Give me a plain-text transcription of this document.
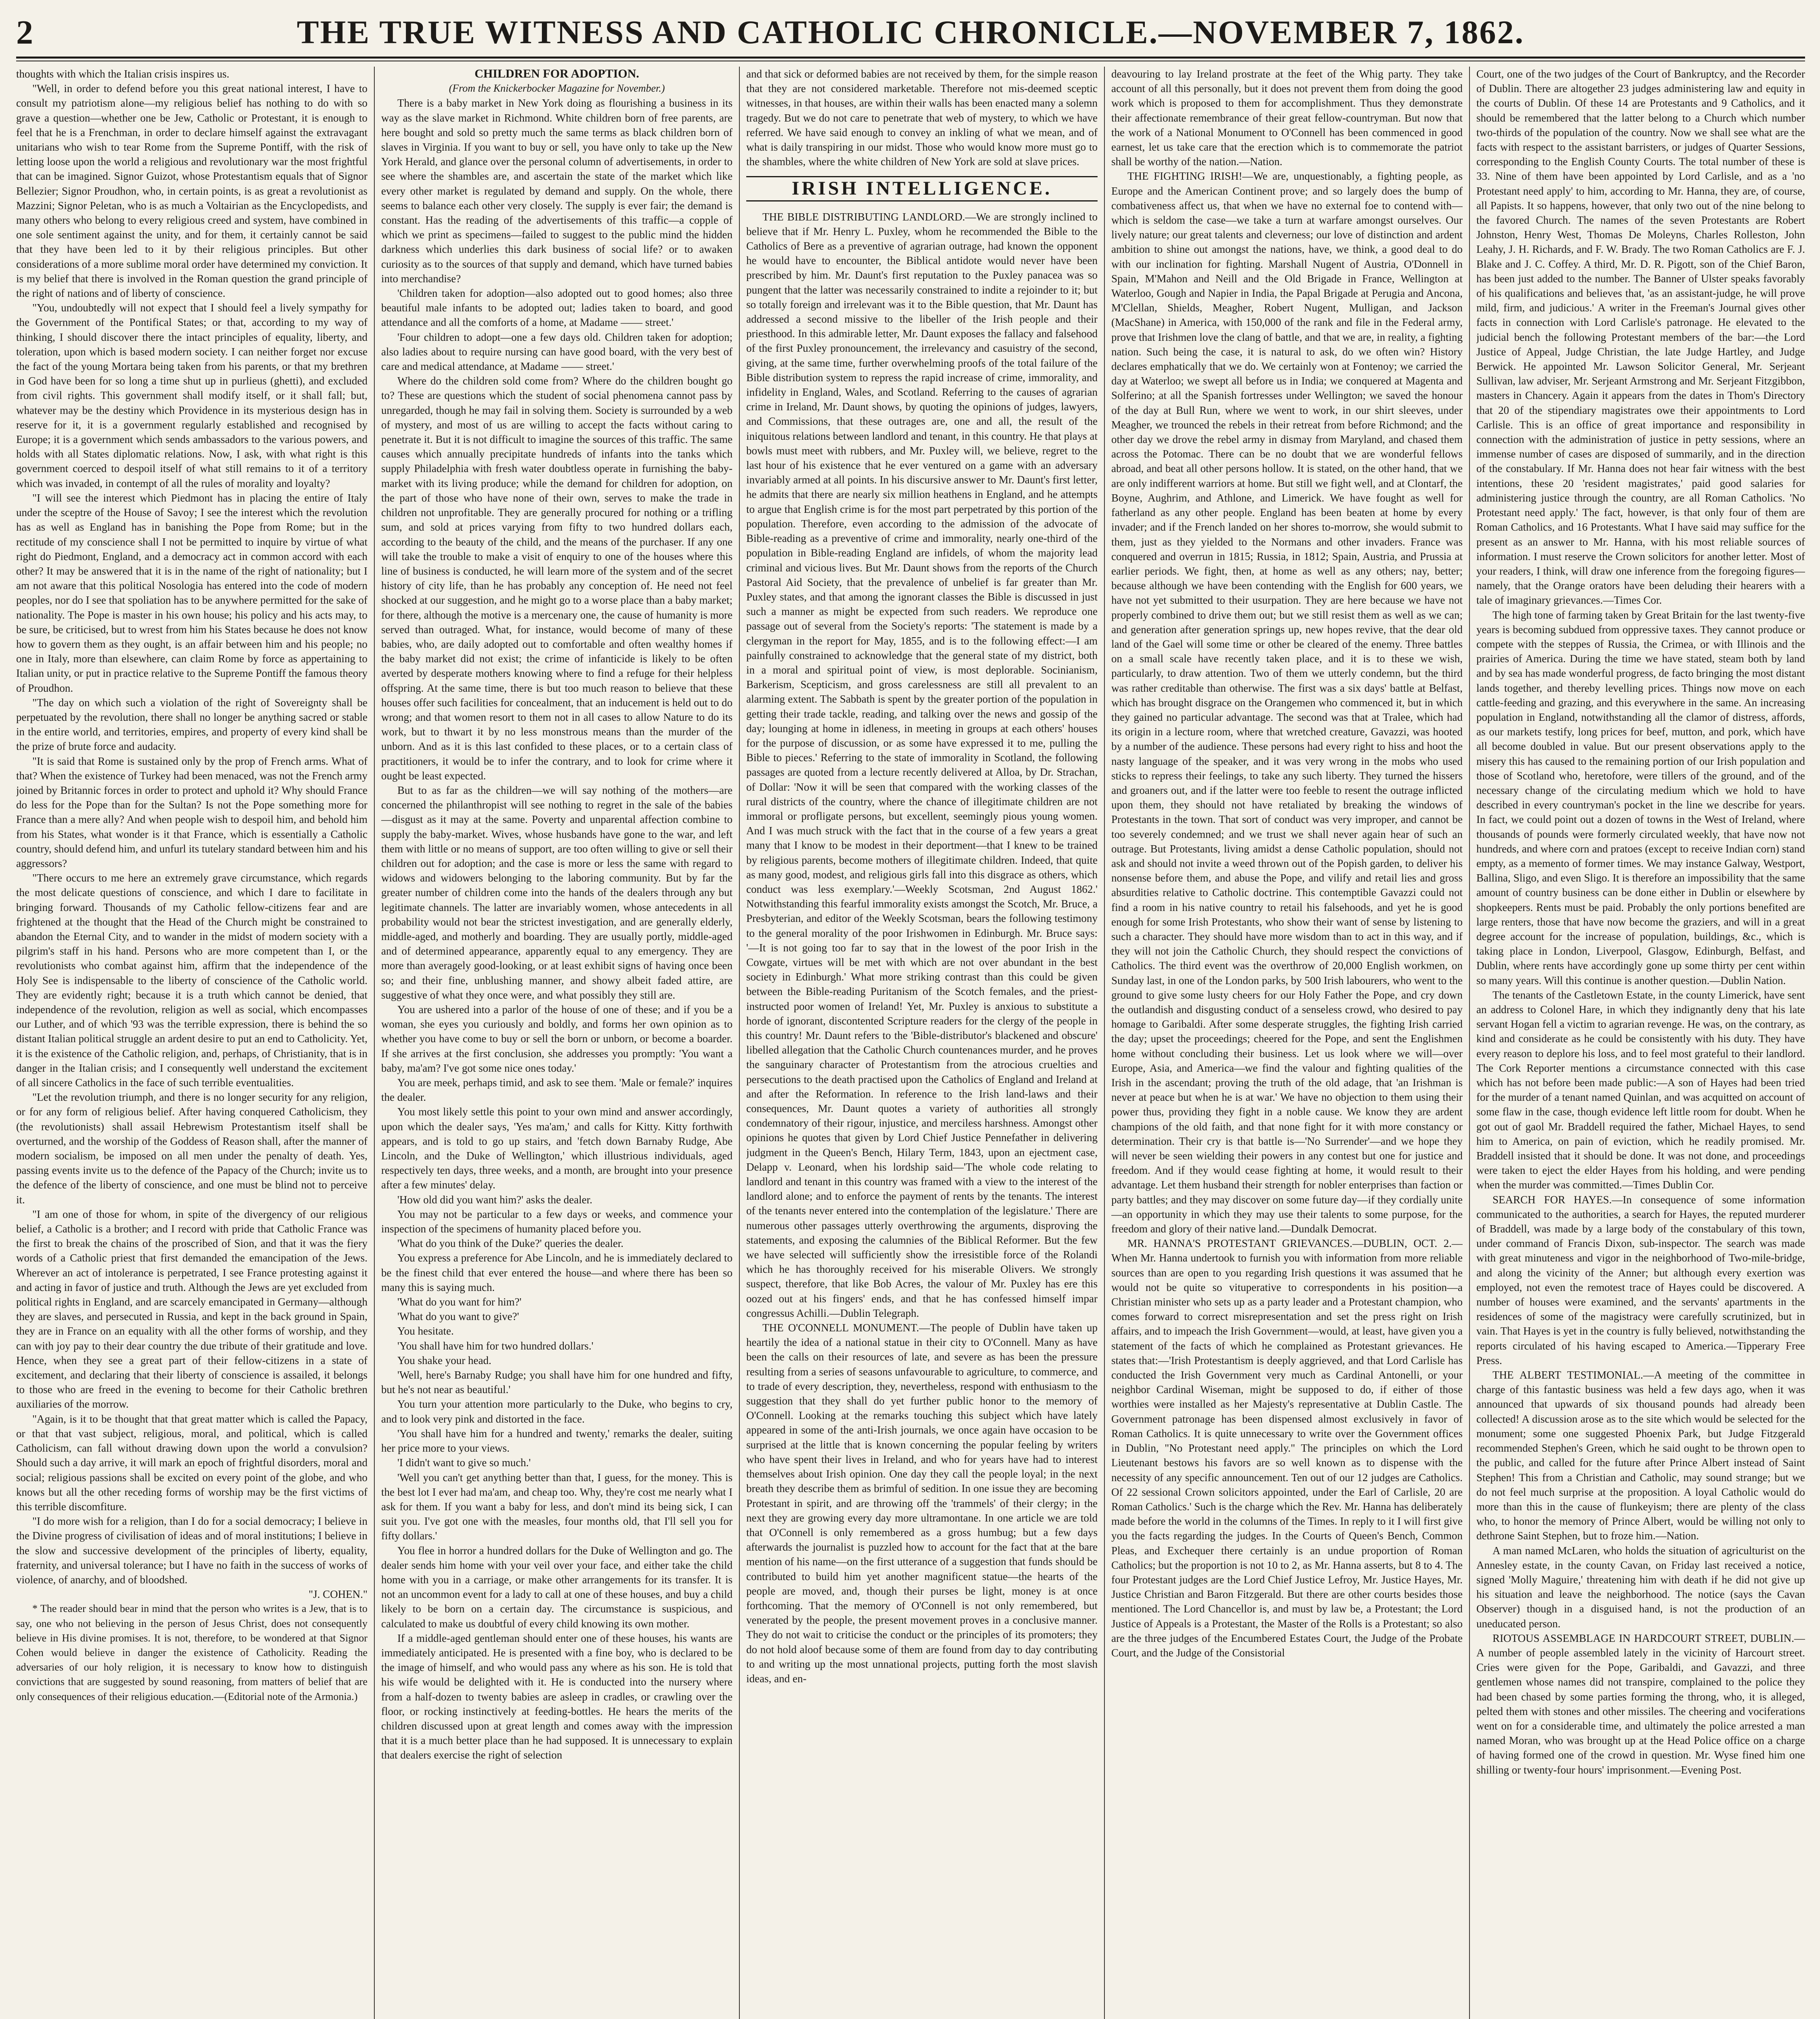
2	THE TRUE WITNESS AND CATHOLIC CHRONICLE.—NOVEMBER 7, 1862.

thoughts with which the Italian crisis inspires us.

"Well, in order to defend before you this great national interest, I have to consult my patriotism alone—my religious belief has nothing to do with so grave a question—whether one be Jew, Catholic or Protestant, it is enough to feel that he is a Frenchman, in order to declare himself against the extravagant unitarians who wish to tear Rome from the Supreme Pontiff, with the risk of letting loose upon the world a religious and revolutionary war the most frightful that can be imagined. Signor Guizot, whose Protestantism equals that of Signor Bellezier; Signor Proudhon, who, in certain points, is as great a revolutionist as Mazzini; Signor Peletan, who is as much a Voltairian as the Encyclopedists, and many others who belong to every religious creed and system, have combined in one sole sentiment against the unity, and for them, it certainly cannot be said that they have been led to it by their religious principles. But other considerations of a more sublime moral order have determined my conviction. It is my belief that there is involved in the Roman question the grand principle of the right of nations and of liberty of conscience.

"You, undoubtedly will not expect that I should feel a lively sympathy for the Government of the Pontifical States; or that, according to my way of thinking, I should discover there the intact principles of equality, liberty, and toleration, upon which is based modern society. I can neither forget nor excuse the fact of the young Mortara being taken from his parents, or that my brethren in God have been for so long a time shut up in purlieus (ghetti), and excluded from civil rights. This government shall modify itself, or it shall fall; but, whatever may be the destiny which Providence in its mysterious design has in reserve for it, it is a government regularly established and recognised by Europe; it is a government which sends ambassadors to the various powers, and holds with all States diplomatic relations. Now, I ask, with what right is this government coerced to despoil itself of what still remains to it of a territory which was invaded, in contempt of all the rules of morality and loyalty?

"I will see the interest which Piedmont has in placing the entire of Italy under the sceptre of the House of Savoy; I see the interest which the revolution has as well as England has in banishing the Pope from Rome; but in the rectitude of my conscience shall I not be permitted to inquire by virtue of what right do Piedmont, England, and a democracy act in common accord with each other? It may be answered that it is in the name of the right of nationality; but I am not aware that this political Nosologia has entered into the code of modern peoples, nor do I see that spoliation has to be anywhere permitted for the sake of nationality. The Pope is master in his own house; his policy and his acts may, to be sure, be criticised, but to wrest from him his States because he does not know how to govern them as they ought, is an affair between him and his people; no one in Italy, more than elsewhere, can claim Rome by force as appertaining to Italian unity, or put in practice relative to the Supreme Pontiff the famous theory of Proudhon.

"The day on which such a violation of the right of Sovereignty shall be perpetuated by the revolution, there shall no longer be anything sacred or stable in the entire world, and territories, empires, and property of every kind shall be the prize of brute force and audacity.

"It is said that Rome is sustained only by the prop of French arms. What of that? When the existence of Turkey had been menaced, was not the French army joined by Britannic forces in order to protect and uphold it? Why should France do less for the Pope than for the Sultan? Is not the Pope something more for France than a mere ally? And when people wish to despoil him, and behold him from his States, what wonder is it that France, which is essentially a Catholic country, should defend him, and unfurl its tutelary standard between him and his aggressors?

"There occurs to me here an extremely grave circumstance, which regards the most delicate questions of conscience, and which I dare to facilitate in bringing forward. Thousands of my Catholic fellow-citizens fear and are frightened at the thought that the Head of the Church might be constrained to abandon the Eternal City, and to wander in the midst of modern society with a pilgrim's staff in his hand. Persons who are more competent than I, or the revolutionists who combat against him, affirm that the independence of the Holy See is indispensable to the liberty of conscience of the Catholic world. They are evidently right; because it is a truth which cannot be denied, that independence of the revolution, religion as well as social, which encompasses our Luther, and of which '93 was the terrible expression, there is behind the so distant Italian political struggle an ardent desire to put an end to Catholicity. Yet, it is the existence of the Catholic religion, and, perhaps, of Christianity, that is in danger in the Italian crisis; and I consequently well understand the excitement of all sincere Catholics in the face of such terrible eventualities.

"Let the revolution triumph, and there is no longer security for any religion, or for any form of religious belief. After having conquered Catholicism, they (the revolutionists) shall assail Hebrewism Protestantism itself shall be overturned, and the worship of the Goddess of Reason shall, after the manner of modern socialism, be imposed on all men under the penalty of death. Yes, passing events invite us to the defence of the Papacy of the Church; invite us to the defence of the liberty of conscience, and one must be blind not to perceive it.

"I am one of those for whom, in spite of the divergency of our religious belief, a Catholic is a brother; and I record with pride that Catholic France was the first to break the chains of the proscribed of Sion, and that it was the fiery words of a Catholic priest that first demanded the emancipation of the Jews. Wherever an act of intolerance is perpetrated, I see France protesting against it and acting in favor of justice and truth. Although the Jews are yet excluded from political rights in England, and are scarcely emancipated in Germany—although they are slaves, and persecuted in Russia, and kept in the back ground in Spain, they are in France on an equality with all the other forms of worship, and they can with joy pay to their dear country the due tribute of their gratitude and love. Hence, when they see a great part of their fellow-citizens in a state of excitement, and declaring that their liberty of conscience is assailed, it belongs to those who are freed in the evening to become for their Catholic brethren auxiliaries of the morrow.

"Again, is it to be thought that that great matter which is called the Papacy, or that that vast subject, religious, moral, and political, which is called Catholicism, can fall without drawing down upon the world a convulsion? Should such a day arrive, it will mark an epoch of frightful disorders, moral and social; religious passions shall be excited on every point of the globe, and who knows but all the other receding forms of worship may be the first victims of this terrible discomfiture.

"I do more wish for a religion, than I do for a social democracy; I believe in the Divine progress of civilisation of ideas and of moral institutions; I believe in the slow and successive development of the principles of liberty, equality, fraternity, and universal tolerance; but I have no faith in the success of works of violence, of anarchy, and of bloodshed.

"J. COHEN."

* The reader should bear in mind that the person who writes is a Jew, that is to say, one who not believing in the person of Jesus Christ, does not consequently believe in His divine promises. It is not, therefore, to be wondered at that Signor Cohen would believe in danger the existence of Catholicity. Reading the adversaries of our holy religion, it is necessary to know how to distinguish convictions that are suggested by sound reasoning, from matters of belief that are only consequences of their religious education.—(Editorial note of the Armonia.)

CHILDREN FOR ADOPTION.

(From the Knickerbocker Magazine for November.)

There is a baby market in New York doing as flourishing a business in its way as the slave market in Richmond. White children born of free parents, are here bought and sold so pretty much the same terms as black children born of slaves in Virginia. If you want to buy or sell, you have only to take up the New York Herald, and glance over the personal column of advertisements, in order to see where the shambles are, and ascertain the state of the market which like every other market is regulated by demand and supply. On the whole, there seems to balance each other very closely. The supply is ever fair; the demand is constant. Has the reading of the advertisements of this traffic—a copple of which we print as specimens—failed to suggest to the public mind the hidden darkness which underlies this dark business of social life? or to awaken curiosity as to the sources of that supply and demand, which have turned babies into merchandise?

'Children taken for adoption—also adopted out to good homes; also three beautiful male infants to be adopted out; ladies taken to board, and good attendance and all the comforts of a home, at Madame —— street.'

'Four children to adopt—one a few days old. Children taken for adoption; also ladies about to require nursing can have good board, with the very best of care and medical attendance, at Madame —— street.'

Where do the children sold come from? Where do the children bought go to? These are questions which the student of social phenomena cannot pass by unregarded, though he may fail in solving them. Society is surrounded by a web of mystery, and most of us are willing to accept the facts without caring to penetrate it. But it is not difficult to imagine the sources of this traffic. The same causes which annually precipitate hundreds of infants into the tanks which supply Philadelphia with fresh water doubtless operate in furnishing the baby-market with its living produce; while the demand for children for adoption, on the part of those who have none of their own, serves to make the trade in children not unprofitable. They are generally procured for nothing or a trifling sum, and sold at prices varying from fifty to two hundred dollars each, according to the beauty of the child, and the means of the purchaser. If any one will take the trouble to make a visit of enquiry to one of the houses where this line of business is conducted, he will learn more of the system and of the secret history of city life, than he has probably any conception of. He need not feel shocked at our suggestion, and he might go to a worse place than a baby market; for there, although the motive is a mercenary one, the cause of humanity is more served than outraged. What, for instance, would become of many of these babies, who, are daily adopted out to comfortable and often wealthy homes if the baby market did not exist; the crime of infanticide is likely to be often averted by desperate mothers knowing where to find a refuge for their helpless offspring. At the same time, there is but too much reason to believe that these houses offer such facilities for concealment, that an inducement is held out to do wrong; and that women resort to them not in all cases to allow Nature to do its work, but to thwart it by no less monstrous means than the murder of the unborn. And as it is this last confided to these places, or to a certain class of practitioners, it would be to infer the contrary, and to look for crime where it ought be least expected.

But to as far as the children—we will say nothing of the mothers—are concerned the philanthropist will see nothing to regret in the sale of the babies—disgust as it may at the same. Poverty and unparental affection combine to supply the baby-market. Wives, whose husbands have gone to the war, and left them with little or no means of support, are too often willing to give or sell their children out for adoption; and the case is more or less the same with regard to widows and widowers belonging to the laboring community. But by far the greater number of children come into the hands of the dealers through any but legitimate channels. The latter are invariably women, whose antecedents in all probability would not bear the strictest investigation, and are generally elderly, middle-aged, and motherly and boarding. They are usually portly, middle-aged and of determined appearance, apparently equal to any emergency. They are more than averagely good-looking, or at least exhibit signs of having once been so; and their fine, unblushing manner, and showy albeit faded attire, are suggestive of what they once were, and what possibly they still are.

You are ushered into a parlor of the house of one of these; and if you be a woman, she eyes you curiously and boldly, and forms her own opinion as to whether you have come to buy or sell the born or unborn, or become a boarder. If she arrives at the first conclusion, she addresses you promptly: 'You want a baby, ma'am? I've got some nice ones today.'

You are meek, perhaps timid, and ask to see them. 'Male or female?' inquires the dealer.

You most likely settle this point to your own mind and answer accordingly, upon which the dealer says, 'Yes ma'am,' and calls for Kitty. Kitty forthwith appears, and is told to go up stairs, and 'fetch down Barnaby Rudge, Abe Lincoln, and the Duke of Wellington,' which illustrious individuals, aged respectively ten days, three weeks, and a month, are brought into your presence after a few minutes' delay.

'How old did you want him?' asks the dealer.

You may not be particular to a few days or weeks, and commence your inspection of the specimens of humanity placed before you.

'What do you think of the Duke?' queries the dealer.

You express a preference for Abe Lincoln, and he is immediately declared to be the finest child that ever entered the house—and where there has been so many this is saying much.

'What do you want for him?'

'What do you want to give?'

You hesitate.

'You shall have him for two hundred dollars.'

You shake your head.

'Well, here's Barnaby Rudge; you shall have him for one hundred and fifty, but he's not near as beautiful.'

You turn your attention more particularly to the Duke, who begins to cry, and to look very pink and distorted in the face.

'You shall have him for a hundred and twenty,' remarks the dealer, suiting her price more to your views.

'I didn't want to give so much.'

'Well you can't get anything better than that, I guess, for the money. This is the best lot I ever had ma'am, and cheap too. Why, they're cost me nearly what I ask for them. If you want a baby for less, and don't mind its being sick, I can suit you. I've got one with the measles, four months old, that I'll sell you for fifty dollars.'

You flee in horror a hundred dollars for the Duke of Wellington and go. The dealer sends him home with your veil over your face, and either take the child home with you in a carriage, or make other arrangements for its transfer. It is not an uncommon event for a lady to call at one of these houses, and buy a child likely to be born on a certain day. The circumstance is suspicious, and calculated to make us doubtful of every child knowing its own mother.

If a middle-aged gentleman should enter one of these houses, his wants are immediately anticipated. He is presented with a fine boy, who is declared to be the image of himself, and who would pass any where as his son. He is told that his wife would be delighted with it. He is conducted into the nursery where from a half-dozen to twenty babies are asleep in cradles, or crawling over the floor, or rocking instinctively at feeding-bottles. He hears the merits of the children discussed upon at great length and comes away with the impression that it is a much better place than he had supposed. It is unnecessary to explain that dealers exercise the right of selection

and that sick or deformed babies are not received by them, for the simple reason that they are not considered marketable. Therefore not mis-deemed sceptic witnesses, in that houses, are within their walls has been enacted many a solemn tragedy. But we do not care to penetrate that web of mystery, to which we have referred. We have said enough to convey an inkling of what we mean, and of what is daily transpiring in our midst. Those who would know more must go to the shambles, where the white children of New York are sold at slave prices.

IRISH INTELLIGENCE.

THE BIBLE DISTRIBUTING LANDLORD.—We are strongly inclined to believe that if Mr. Henry L. Puxley, whom he recommended the Bible to the Catholics of Bere as a preventive of agrarian outrage, had known the opponent he would have to encounter, the Biblical antidote would never have been prescribed by him. Mr. Daunt's first reputation to the Puxley panacea was so pungent that the latter was necessarily constrained to indite a rejoinder to it; but so totally foreign and irrelevant was it to the Bible question, that Mr. Daunt has addressed a second missive to the libeller of the Irish people and their priesthood. In this admirable letter, Mr. Daunt exposes the fallacy and falsehood of the first Puxley pronouncement, the irrelevancy and casuistry of the second, giving, at the same time, further overwhelming proofs of the total failure of the Bible distribution system to repress the rapid increase of crime, immorality, and infidelity in England, Wales, and Scotland. Referring to the causes of agrarian crime in Ireland, Mr. Daunt shows, by quoting the opinions of judges, lawyers, and Commissions, that these outrages are, one and all, the result of the iniquitous relations between landlord and tenant, in this country. He that plays at bowls must meet with rubbers, and Mr. Puxley will, we believe, regret to the last hour of his existence that he ever ventured on a game with an adversary invariably armed at all points. In his discursive answer to Mr. Daunt's first letter, he admits that there are nearly six million heathens in England, and he attempts to argue that English crime is for the most part perpetrated by this portion of the population. Therefore, even according to the admission of the advocate of Bible-reading as a preventive of crime and immorality, nearly one-third of the population in Bible-reading England are infidels, of whom the majority lead criminal and vicious lives. But Mr. Daunt shows from the reports of the Church Pastoral Aid Society, that the prevalence of unbelief is far greater than Mr. Puxley states, and that among the ignorant classes the Bible is discussed in just such a manner as might be expected from such readers. We reproduce one passage out of several from the Society's reports: 'The statement is made by a clergyman in the report for May, 1855, and is to the following effect:—I am painfully constrained to acknowledge that the general state of my district, both in a moral and spiritual point of view, is most deplorable. Socinianism, Barkerism, Scepticism, and gross carelessness are still all prevalent to an alarming extent. The Sabbath is spent by the greater portion of the population in getting their trade tackle, reading, and talking over the news and gossip of the day; lounging at home in idleness, in meeting in groups at each others' houses for the purpose of discussion, or as some have expressed it to me, pulling the Bible to pieces.' Referring to the state of immorality in Scotland, the following passages are quoted from a lecture recently delivered at Alloa, by Dr. Strachan, of Dollar: 'Now it will be seen that compared with the working classes of the rural districts of the country, where the chance of illegitimate children are not immoral or profligate persons, but excellent, seemingly pious young women. And I was much struck with the fact that in the course of a few years a great many that I know to be modest in their deportment—that I knew to be trained by religious parents, become mothers of illegitimate children. Indeed, that quite as many good, modest, and religious girls fall into this disgrace as others, which conduct was less exemplary.'—Weekly Scotsman, 2nd August 1862.' Notwithstanding this fearful immorality exists amongst the Scotch, Mr. Bruce, a Presbyterian, and editor of the Weekly Scotsman, bears the following testimony to the general morality of the poor Irishwomen in Edinburgh. Mr. Bruce says: '—It is not going too far to say that in the lowest of the poor Irish in the Cowgate, virtues will be met with which are not over abundant in the best society in Edinburgh.' What more striking contrast than this could be given between the Bible-reading Puritanism of the Scotch females, and the priest-instructed poor women of Ireland! Yet, Mr. Puxley is anxious to substitute a horde of ignorant, discontented Scripture readers for the clergy of the people in this country! Mr. Daunt refers to the 'Bible-distributor's blackened and obscure' libelled allegation that the Catholic Church countenances murder, and he proves the sanguinary character of Protestantism from the atrocious cruelties and persecutions to the death practised upon the Catholics of England and Ireland at and after the Reformation. In reference to the Irish land-laws and their consequences, Mr. Daunt quotes a variety of authorities all strongly condemnatory of their rigour, injustice, and merciless harshness. Amongst other opinions he quotes that given by Lord Chief Justice Pennefather in delivering judgment in the Queen's Bench, Hilary Term, 1843, upon an ejectment case, Delapp v. Leonard, when his lordship said—'The whole code relating to landlord and tenant in this country was framed with a view to the interest of the landlord alone; and to enforce the payment of rents by the tenants. The interest of the tenants never entered into the contemplation of the legislature.' There are numerous other passages utterly overthrowing the arguments, disproving the statements, and exposing the calumnies of the Biblical Reformer. But the few we have selected will sufficiently show the irresistible force of the Rolandi which he has thoroughly received for his miserable Olivers. We strongly suspect, therefore, that like Bob Acres, the valour of Mr. Puxley has ere this oozed out at his fingers' ends, and that he has confessed himself impar congressus Achilli.—Dublin Telegraph.

THE O'CONNELL MONUMENT.—The people of Dublin have taken up heartily the idea of a national statue in their city to O'Connell. Many as have been the calls on their resources of late, and severe as has been the pressure resulting from a series of seasons unfavourable to agriculture, to commerce, and to trade of every description, they, nevertheless, respond with enthusiasm to the suggestion that they shall do yet further public honor to the memory of O'Connell. Looking at the remarks touching this subject which have lately appeared in some of the anti-Irish journals, we once again have occasion to be surprised at the little that is known concerning the popular feeling by writers who have spent their lives in Ireland, and who for years have had to interest themselves about Irish opinion. One day they call the people loyal; in the next breath they describe them as brimful of sedition. In one issue they are becoming Protestant in spirit, and are throwing off the 'trammels' of their clergy; in the next they are growing every day more ultramontane. In one article we are told that O'Connell is only remembered as a gross humbug; but a few days afterwards the journalist is puzzled how to account for the fact that at the bare mention of his name—on the first utterance of a suggestion that funds should be contributed to build him yet another magnificent statue—the hearts of the people are moved, and, though their purses be light, money is at once forthcoming. That the memory of O'Connell is not only remembered, but venerated by the people, the present movement proves in a conclusive manner. They do not wait to criticise the conduct or the principles of its promoters; they do not hold aloof because some of them are found from day to day contributing to and writing up the most unnational projects, putting forth the most slavish ideas, and en-

deavouring to lay Ireland prostrate at the feet of the Whig party. They take account of all this personally, but it does not prevent them from doing the good work which is proposed to them for accomplishment. Thus they demonstrate their affectionate remembrance of their great fellow-countryman. But now that the work of a National Monument to O'Connell has been commenced in good earnest, let us take care that the erection which is to commemorate the patriot shall be worthy of the nation.—Nation.

THE FIGHTING IRISH!—We are, unquestionably, a fighting people, as Europe and the American Continent prove; and so largely does the bump of combativeness affect us, that when we have no external foe to contend with—which is seldom the case—we take a turn at warfare amongst ourselves. Our lively nature; our great talents and cleverness; our love of distinction and ardent ambition to shine out amongst the nations, have, we think, a good deal to do with our inclination for fighting. Marshall Nugent of Austria, O'Donnell in Spain, M'Mahon and Neill and the Old Brigade in France, Wellington at Waterloo, Gough and Napier in India, the Papal Brigade at Perugia and Ancona, M'Clellan, Shields, Meagher, Robert Nugent, Mulligan, and Jackson (MacShane) in America, with 150,000 of the rank and file in the Federal army, prove that Irishmen love the clang of battle, and that we are, in reality, a fighting nation. Such being the case, it is natural to ask, do we often win? History declares emphatically that we do. We certainly won at Fontenoy; we carried the day at Waterloo; we swept all before us in India; we conquered at Magenta and Solferino; at all the Spanish fortresses under Wellington; we saved the honour of the day at Bull Run, where we went to work, in our shirt sleeves, under Meagher, we trounced the rebels in their retreat from before Richmond; and the other day we drove the rebel army in dismay from Maryland, and chased them across the Potomac. There can be no doubt that we are wonderful fellows abroad, and beat all other persons hollow. It is stated, on the other hand, that we are only indifferent warriors at home. But still we fight well, and at Clontarf, the Boyne, Aughrim, and Athlone, and Limerick. We have fought as well for fatherland as any other people. England has been beaten at home by every invader; and if the French landed on her shores to-morrow, she would submit to them, just as they yielded to the Normans and other invaders. France was conquered and overrun in 1815; Russia, in 1812; Spain, Austria, and Prussia at earlier periods. We fight, then, at home as well as any others; nay, better; because although we have been contending with the English for 600 years, we have not yet submitted to their usurpation. They are here because we have not properly combined to drive them out; but we still resist them as well as we can; and generation after generation springs up, new hopes revive, that the dear old land of the Gael will some time or other be cleared of the enemy. Three battles on a small scale have recently taken place, and it is to these we wish, particularly, to draw attention. Two of them we utterly condemn, but the third was rather creditable than otherwise. The first was a six days' battle at Belfast, which has brought disgrace on the Orangemen who commenced it, but in which they gained no particular advantage. The second was that at Tralee, which had its origin in a lecture room, where that wretched creature, Gavazzi, was hooted by a number of the audience. These persons had every right to hiss and hoot the nasty language of the speaker, and it was very wrong in the mobs who used sticks to repress their feelings, to take any such liberty. They turned the hissers and groaners out, and if the latter were too feeble to resent the outrage inflicted upon them, they should not have retaliated by breaking the windows of Protestants in the town. That sort of conduct was very improper, and cannot be too severely condemned; and we trust we shall never again hear of such an outrage. But Protestants, living amidst a dense Catholic population, should not ask and should not invite a weed thrown out of the Popish garden, to deliver his nonsense before them, and abuse the Pope, and vilify and retail lies and gross absurdities relative to Catholic doctrine. This contemptible Gavazzi could not find a room in his native country to retail his falsehoods, and yet he is good enough for some Irish Protestants, who show their want of sense by listening to such a character. They should have more wisdom than to act in this way, and if they will not join the Catholic Church, they should respect the convictions of Catholics. The third event was the overthrow of 20,000 English workmen, on Sunday last, in one of the London parks, by 500 Irish labourers, who went to the ground to give some lusty cheers for our Holy Father the Pope, and cry down the outlandish and disgusting conduct of a senseless crowd, who desired to pay homage to Garibaldi. After some desperate struggles, the fighting Irish carried the day; upset the proceedings; cheered for the Pope, and sent the Englishmen home without concluding their business. Let us look where we will—over Europe, Asia, and America—we find the valour and fighting qualities of the Irish in the ascendant; proving the truth of the old adage, that 'an Irishman is never at peace but when he is at war.' We have no objection to them using their power thus, providing they fight in a noble cause. We know they are ardent champions of the old faith, and that none fight for it with more constancy or determination. Their cry is that battle is—'No Surrender'—and we hope they will never be seen wielding their powers in any contest but one for justice and freedom. And if they would cease fighting at home, it would result to their advantage. Let them husband their strength for nobler enterprises than faction or party battles; and they may discover on some future day—if they cordially unite—an opportunity in which they may use their talents to some purpose, for the freedom and glory of their native land.—Dundalk Democrat.

MR. HANNA'S PROTESTANT GRIEVANCES.—DUBLIN, OCT. 2.—When Mr. Hanna undertook to furnish you with information from more reliable sources than are open to you regarding Irish questions it was assumed that he would not be quite so vituperative to correspondents in his position—a Christian minister who sets up as a party leader and a Protestant champion, who comes forward to correct misrepresentation and set the press right on Irish affairs, and to impeach the Irish Government—would, at least, have given you a statement of the facts of which he complained as Protestant grievances. He states that:—'Irish Protestantism is deeply aggrieved, and that Lord Carlisle has conducted the Irish Government very much as Cardinal Antonelli, or your neighbor Cardinal Wiseman, might be supposed to do, if either of those worthies were installed as her Majesty's representative at Dublin Castle. The Government patronage has been dispensed almost exclusively in favor of Roman Catholics. It is quite unnecessary to write over the Government offices in Dublin, "No Protestant need apply." The principles on which the Lord Lieutenant bestows his favors are so well known as to dispense with the necessity of any specific announcement. Ten out of our 12 judges are Catholics. Of 22 sessional Crown solicitors appointed, under the Earl of Carlisle, 20 are Roman Catholics.' Such is the charge which the Rev. Mr. Hanna has deliberately made before the world in the columns of the Times. In reply to it I will first give you the facts regarding the judges. In the Courts of Queen's Bench, Common Pleas, and Exchequer there certainly is an undue proportion of Roman Catholics; but the proportion is not 10 to 2, as Mr. Hanna asserts, but 8 to 4. The four Protestant judges are the Lord Chief Justice Lefroy, Mr. Justice Hayes, Mr. Justice Christian and Baron Fitzgerald. But there are other courts besides those mentioned. The Lord Chancellor is, and must by law be, a Protestant; the Lord Justice of Appeals is a Protestant, the Master of the Rolls is a Protestant; so also are the three judges of the Encumbered Estates Court, the Judge of the Probate Court, and the Judge of the Consistorial

Court, one of the two judges of the Court of Bankruptcy, and the Recorder of Dublin. There are altogether 23 judges administering law and equity in the courts of Dublin. Of these 14 are Protestants and 9 Catholics, and it should be remembered that the latter belong to a Church which number two-thirds of the population of the country. Now we shall see what are the facts with respect to the assistant barristers, or judges of Quarter Sessions, corresponding to the English County Courts. The total number of these is 33. Nine of them have been appointed by Lord Carlisle, and as a 'no Protestant need apply' to him, according to Mr. Hanna, they are, of course, all Papists. It so happens, however, that only two out of the nine belong to the favored Church. The names of the seven Protestants are Robert Johnston, Henry West, Thomas De Moleyns, Charles Rolleston, John Leahy, J. H. Richards, and F. W. Brady. The two Roman Catholics are F. J. Blake and J. C. Coffey. A third, Mr. D. R. Pigott, son of the Chief Baron, has been just added to the number. The Banner of Ulster speaks favorably of his qualifications and believes that, 'as an assistant-judge, he will prove mild, firm, and judicious.' A writer in the Freeman's Journal gives other facts in connection with Lord Carlisle's patronage. He elevated to the judicial bench the following Protestant members of the bar:—the Lord Justice of Appeal, Judge Christian, the late Judge Hartley, and Judge Berwick. He appointed Mr. Lawson Solicitor General, Mr. Serjeant Sullivan, law adviser, Mr. Serjeant Armstrong and Mr. Serjeant Fitzgibbon, masters in Chancery. Again it appears from the dates in Thom's Directory that 20 of the stipendiary magistrates owe their appointments to Lord Carlisle. This is an office of great importance and responsibility in connection with the administration of justice in petty sessions, where an immense number of cases are disposed of summarily, and in the direction of the constabulary. If Mr. Hanna does not hear fair witness with the best intentions, these 20 'resident magistrates,' paid good salaries for administering justice through the country, are all Roman Catholics. 'No Protestant need apply.' The fact, however, is that only four of them are Roman Catholics, and 16 Protestants. What I have said may suffice for the present as an answer to Mr. Hanna, with his most reliable sources of information. I must reserve the Crown solicitors for another letter. Most of your readers, I think, will draw one inference from the foregoing figures—namely, that the Orange orators have been deluding their hearers with a tale of imaginary grievances.—Times Cor.

The high tone of farming taken by Great Britain for the last twenty-five years is becoming subdued from oppressive taxes. They cannot produce or compete with the steppes of Russia, the Crimea, or with Illinois and the prairies of America. During the time we have stated, steam both by land and by sea has made wonderful progress, de facto bringing the most distant lands together, and thereby levelling prices. Things now move on each cattle-feeding and grazing, and this everywhere in the same. An increasing population in England, notwithstanding all the clamor of distress, affords, as our markets testify, long prices for beef, mutton, and pork, which have all become doubled in value. But our present observations apply to the misery this has caused to the remaining portion of our Irish population and those of Scotland who, heretofore, were tillers of the ground, and of the necessary change of the circulating medium which we hold to have described in every countryman's pocket in the line we describe for years. In fact, we could point out a dozen of towns in the West of Ireland, where thousands of pounds were formerly circulated weekly, that have now not hundreds, and where corn and pratoes (except to receive Indian corn) stand empty, as a memento of former times. We may instance Galway, Westport, Ballina, Sligo, and even Sligo. It is therefore an impossibility that the same amount of country business can be done either in Dublin or elsewhere by shopkeepers. Rents must be paid. Probably the only portions benefited are large renters, those that have now become the graziers, and will in a great degree account for the increase of population, buildings, &c., which is taking place in London, Liverpool, Glasgow, Edinburgh, Belfast, and Dublin, where rents have accordingly gone up some thirty per cent within so many years. Will this continue is another question.—Dublin Nation.

The tenants of the Castletown Estate, in the county Limerick, have sent an address to Colonel Hare, in which they indignantly deny that his late servant Hogan fell a victim to agrarian revenge. He was, on the contrary, as kind and considerate as he could be consistently with his duty. They have every reason to deplore his loss, and to feel most grateful to their landlord. The Cork Reporter mentions a circumstance connected with this case which has not before been made public:—A son of Hayes had been tried for the murder of a tenant named Quinlan, and was acquitted on account of some flaw in the case, though evidence left little room for doubt. When he got out of gaol Mr. Braddell required the father, Michael Hayes, to send him to America, on pain of eviction, which he readily promised. Mr. Braddell insisted that it should be done. It was not done, and proceedings were taken to eject the elder Hayes from his holding, and were pending when the murder was committed.—Times Dublin Cor.

SEARCH FOR HAYES.—In consequence of some information communicated to the authorities, a search for Hayes, the reputed murderer of Braddell, was made by a large body of the constabulary of this town, under command of Francis Dixon, sub-inspector. The search was made with great minuteness and vigor in the neighborhood of Two-mile-bridge, and along the vicinity of the Anner; but although every exertion was employed, not even the remotest trace of Hayes could be discovered. A number of houses were examined, and the servants' apartments in the residences of some of the magistracy were carefully scrutinized, but in vain. That Hayes is yet in the country is fully believed, notwithstanding the reports circulated of his having escaped to America.—Tipperary Free Press.

THE ALBERT TESTIMONIAL.—A meeting of the committee in charge of this fantastic business was held a few days ago, when it was announced that upwards of six thousand pounds had already been collected! A discussion arose as to the site which would be selected for the monument; some one suggested Phoenix Park, but Judge Fitzgerald recommended Stephen's Green, which he said ought to be thrown open to the public, and called for the future after Prince Albert instead of Saint Stephen! This from a Christian and Catholic, may sound strange; but we do not feel much surprise at the proposition. A loyal Catholic would do more than this in the cause of flunkeyism; there are plenty of the class who, to honor the memory of Prince Albert, would be willing not only to dethrone Saint Stephen, but to froze him.—Nation.

A man named McLaren, who holds the situation of agriculturist on the Annesley estate, in the county Cavan, on Friday last received a notice, signed 'Molly Maguire,' threatening him with death if he did not give up his situation and leave the neighborhood. The notice (says the Cavan Observer) though in a disguised hand, is not the production of an uneducated person.

RIOTOUS ASSEMBLAGE IN HARDCOURT STREET, DUBLIN.—A number of people assembled lately in the vicinity of Harcourt street. Cries were given for the Pope, Garibaldi, and Gavazzi, and three gentlemen whose names did not transpire, complained to the police they had been chased by some parties forming the throng, who, it is alleged, pelted them with stones and other missiles. The cheering and vociferations went on for a considerable time, and ultimately the police arrested a man named Moran, who was brought up at the Head Police office on a charge of having formed one of the crowd in question. Mr. Wyse fined him one shilling or twenty-four hours' imprisonment.—Evening Post.
